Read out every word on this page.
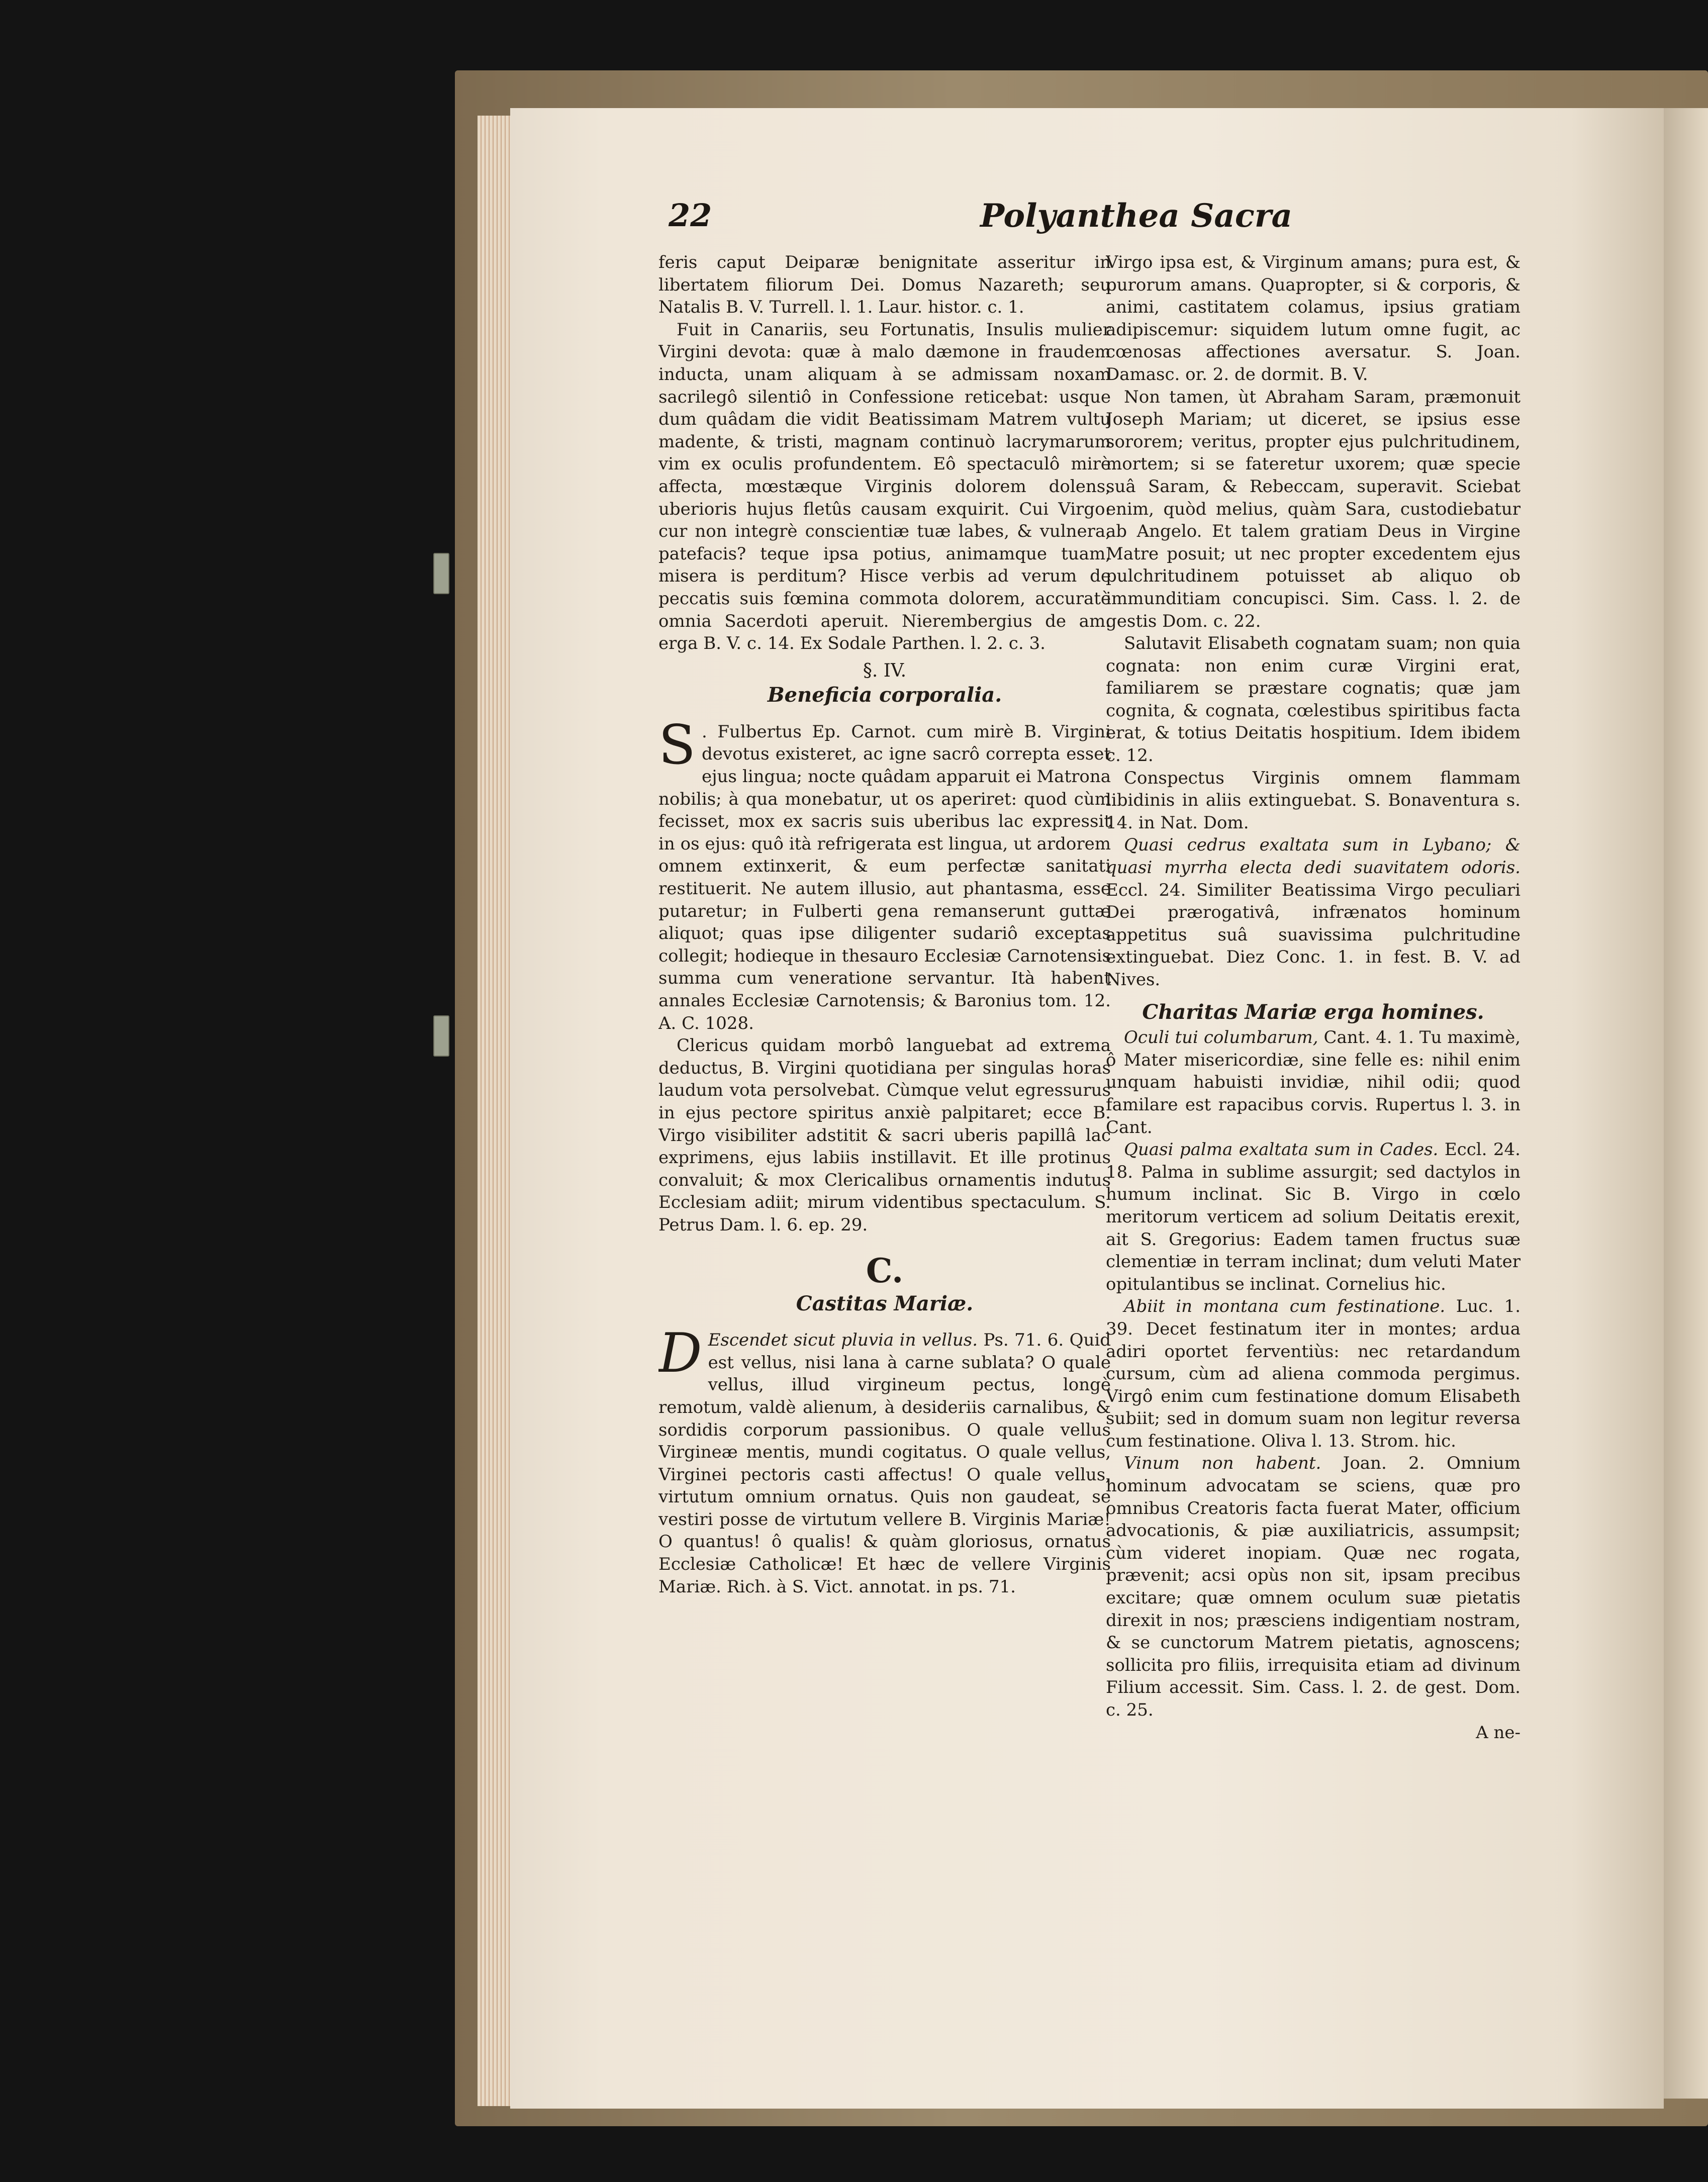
22	Polyanthea Sacra

feris caput Deiparæ benignitate asseritur in libertatem filiorum Dei. Domus Nazareth; seu Natalis B. V. Turrell. l. 1. Laur. histor. c. 1.

Fuit in Canariis, seu Fortunatis, Insulis mulier Virgini devota: quæ à malo dæmone in fraudem inducta, unam aliquam à se admissam noxam sacrilegô silentiô in Confessione reticebat: usque dum quâdam die vidit Beatissimam Matrem vultu madente, & tristi, magnam continuò lacrymarum vim ex oculis profundentem. Eô spectaculô mirè affecta, mœstæque Virginis dolorem dolens, uberioris hujus fletûs causam exquirit. Cui Virgo: cur non integrè conscientiæ tuæ labes, & vulnera, patefacis? teque ipsa potius, animamque tuam, misera is perditum? Hisce verbis ad verum de peccatis suis fœmina commota dolorem, accuratè omnia Sacerdoti aperuit. Nierembergius de am. erga B. V. c. 14. Ex Sodale Parthen. l. 2. c. 3.

§. IV.
Beneficia corporalia.

S . Fulbertus Ep. Carnot. cum mirè B. Virgini devotus existeret, ac igne sacrô correpta esset ejus lingua; nocte quâdam apparuit ei Matrona nobilis; à qua monebatur, ut os aperiret: quod cùm fecisset, mox ex sacris suis uberibus lac expressit in os ejus: quô ità refrigerata est lingua, ut ardorem omnem extinxerit, & eum perfectæ sanitati restituerit. Ne autem illusio, aut phantasma, esse putaretur; in Fulberti gena remanserunt guttæ aliquot; quas ipse diligenter sudariô exceptas collegit; hodieque in thesauro Ecclesiæ Carnotensis summa cum veneratione servantur. Ità habent annales Ecclesiæ Carnotensis; & Baronius tom. 12. A. C. 1028.

Clericus quidam morbô languebat ad extrema deductus, B. Virgini quotidiana per singulas horas laudum vota persolvebat. Cùmque velut egressurus in ejus pectore spiritus anxiè palpitaret; ecce B. Virgo visibiliter adstitit & sacri uberis papillâ lac exprimens, ejus labiis instillavit. Et ille protinus convaluit; & mox Clericalibus ornamentis indutus Ecclesiam adiit; mirum videntibus spectaculum. S. Petrus Dam. l. 6. ep. 29.

C.
Castitas Mariæ.

D Escendet sicut pluvia in vellus. Ps. 71. 6. Quid est vellus, nisi lana à carne sublata? O quale vellus, illud virgineum pectus, longè remotum, valdè alienum, à desideriis carnalibus, & sordidis corporum passionibus. O quale vellus Virgineæ mentis, mundi cogitatus. O quale vellus, Virginei pectoris casti affectus! O quale vellus, virtutum omnium ornatus. Quis non gaudeat, se vestiri posse de virtutum vellere B. Virginis Mariæ! O quantus! ô qualis! & quàm gloriosus, ornatus Ecclesiæ Catholicæ! Et hæc de vellere Virginis Mariæ. Rich. à S. Vict. annotat. in ps. 71.

Virgo ipsa est, & Virginum amans; pura est, & purorum amans. Quapropter, si & corporis, & animi, castitatem colamus, ipsius gratiam adipiscemur: siquidem lutum omne fugit, ac cœnosas affectiones aversatur. S. Joan. Damasc. or. 2. de dormit. B. V.

Non tamen, ùt Abraham Saram, præmonuit Joseph Mariam; ut diceret, se ipsius esse sororem; veritus, propter ejus pulchritudinem, mortem; si se fateretur uxorem; quæ specie suâ Saram, & Rebeccam, superavit. Sciebat enim, quòd melius, quàm Sara, custodiebatur ab Angelo. Et talem gratiam Deus in Virgine Matre posuit; ut nec propter excedentem ejus pulchritudinem potuisset ab aliquo ob immunditiam concupisci. Sim. Cass. l. 2. de gestis Dom. c. 22.

Salutavit Elisabeth cognatam suam; non quia cognata: non enim curæ Virgini erat, familiarem se præstare cognatis; quæ jam cognita, & cognata, cœlestibus spiritibus facta erat, & totius Deitatis hospitium. Idem ibidem c. 12.

Conspectus Virginis omnem flammam libidinis in aliis extinguebat. S. Bonaventura s. 14. in Nat. Dom.

Quasi cedrus exaltata sum in Lybano; & quasi myrrha electa dedi suavitatem odoris. Eccl. 24. Similiter Beatissima Virgo peculiari Dei prærogativâ, infrænatos hominum appetitus suâ suavissima pulchritudine extinguebat. Diez Conc. 1. in fest. B. V. ad Nives.

Charitas Mariæ erga homines.

Oculi tui columbarum, Cant. 4. 1. Tu maximè, ô Mater misericordiæ, sine felle es: nihil enim unquam habuisti invidiæ, nihil odii; quod familare est rapacibus corvis. Rupertus l. 3. in Cant.

Quasi palma exaltata sum in Cades. Eccl. 24. 18. Palma in sublime assurgit; sed dactylos in humum inclinat. Sic B. Virgo in cœlo meritorum verticem ad solium Deitatis erexit, ait S. Gregorius: Eadem tamen fructus suæ clementiæ in terram inclinat; dum veluti Mater opitulantibus se inclinat. Cornelius hic.

Abiit in montana cum festinatione. Luc. 1. 39. Decet festinatum iter in montes; ardua adiri oportet ferventiùs: nec retardandum cursum, cùm ad aliena commoda pergimus. Virgô enim cum festinatione domum Elisabeth subiit; sed in domum suam non legitur reversa cum festinatione. Oliva l. 13. Strom. hic.

Vinum non habent. Joan. 2. Omnium hominum advocatam se sciens, quæ pro omnibus Creatoris facta fuerat Mater, officium advocationis, & piæ auxiliatricis, assumpsit; cùm videret inopiam. Quæ nec rogata, prævenit; acsi opùs non sit, ipsam precibus excitare; quæ omnem oculum suæ pietatis direxit in nos; præsciens indigentiam nostram, & se cunctorum Matrem pietatis, agnoscens; sollicita pro filiis, irrequisita etiam ad divinum Filium accessit. Sim. Cass. l. 2. de gest. Dom. c. 25.

A ne-
